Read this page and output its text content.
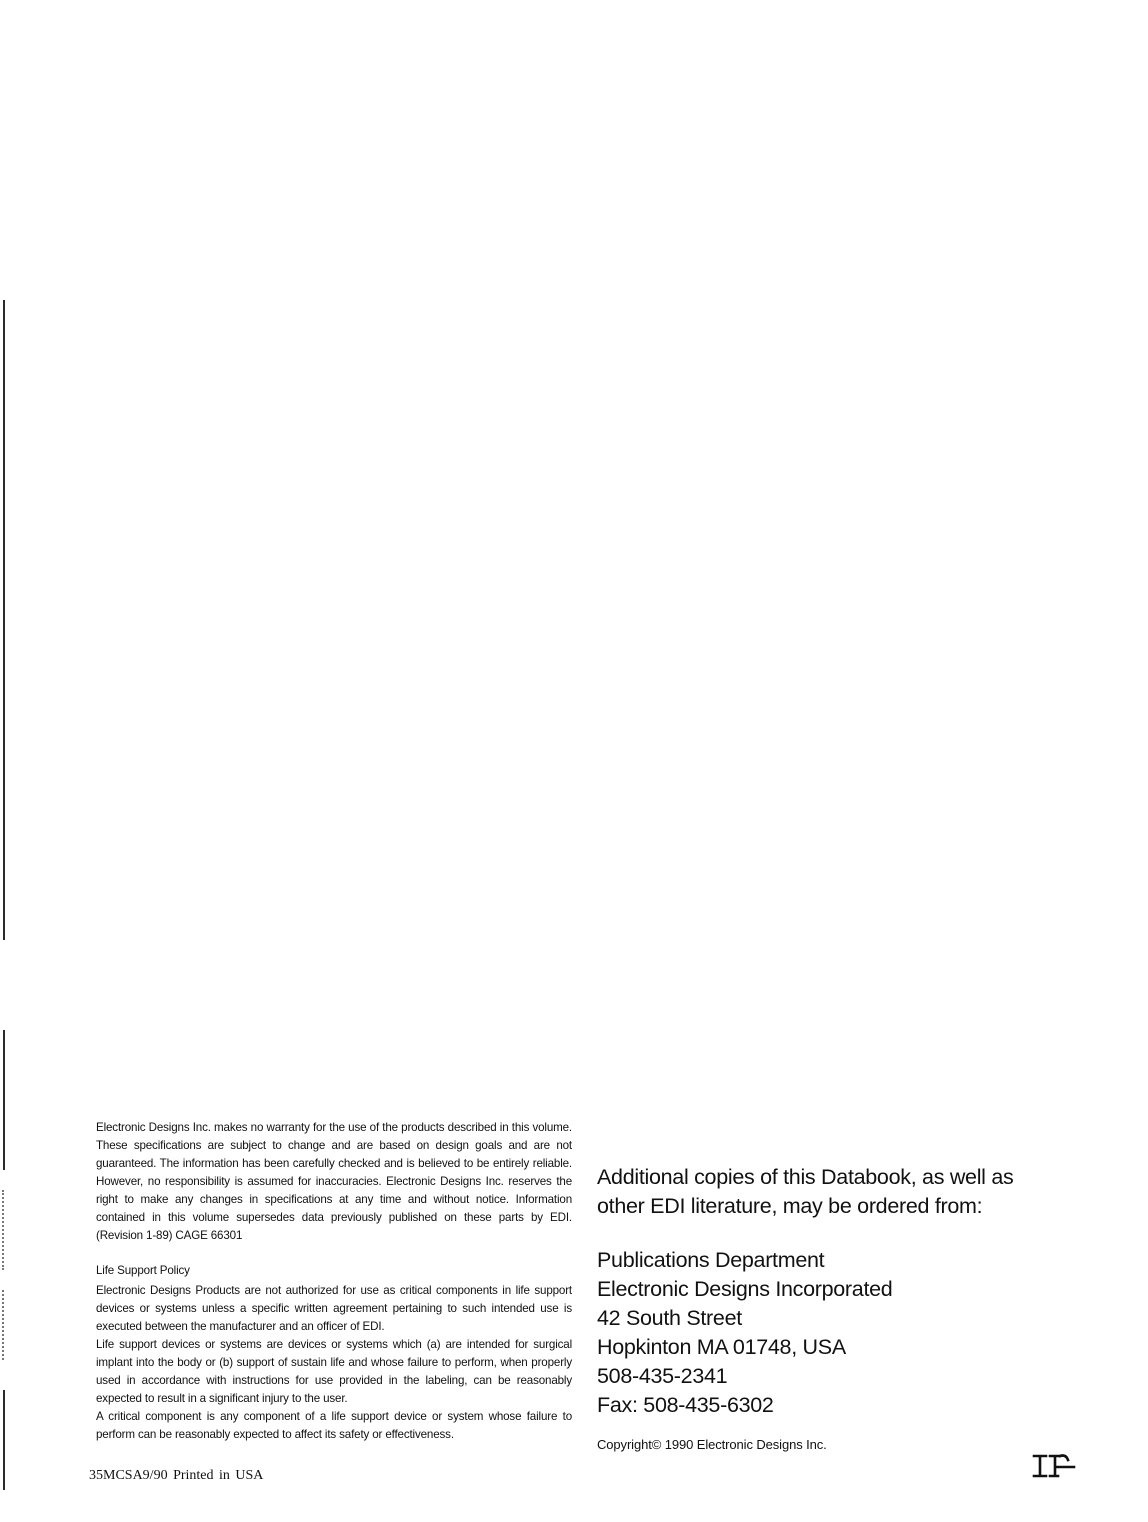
Electronic Designs Inc. makes no warranty for the use of the products described in this volume. These specifications are subject to change and are based on design goals and are not guaranteed. The information has been carefully checked and is believed to be entirely reliable. However, no responsibility is assumed for inaccuracies. Electronic Designs Inc. reserves the right to make any changes in specifications at any time and without notice. Information contained in this volume supersedes data previously published on these parts by EDI. (Revision 1-89) CAGE 66301

Life Support Policy

Electronic Designs Products are not authorized for use as critical components in life support devices or systems unless a specific written agreement pertaining to such intended use is executed between the manufacturer and an officer of EDI.

Life support devices or systems are devices or systems which (a) are intended for surgical implant into the body or (b) support of sustain life and whose failure to perform, when properly used in accordance with instructions for use provided in the labeling, can be reasonably expected to result in a significant injury to the user.

A critical component is any component of a life support device or system whose failure to perform can be reasonably expected to affect its safety or effectiveness.

35MCSA9/90 Printed in USA

Additional copies of this Databook, as well as other EDI literature, may be ordered from:

Publications Department
Electronic Designs Incorporated
42 South Street
Hopkinton MA 01748, USA
508-435-2341
Fax: 508-435-6302
Copyright© 1990 Electronic Designs Inc.
